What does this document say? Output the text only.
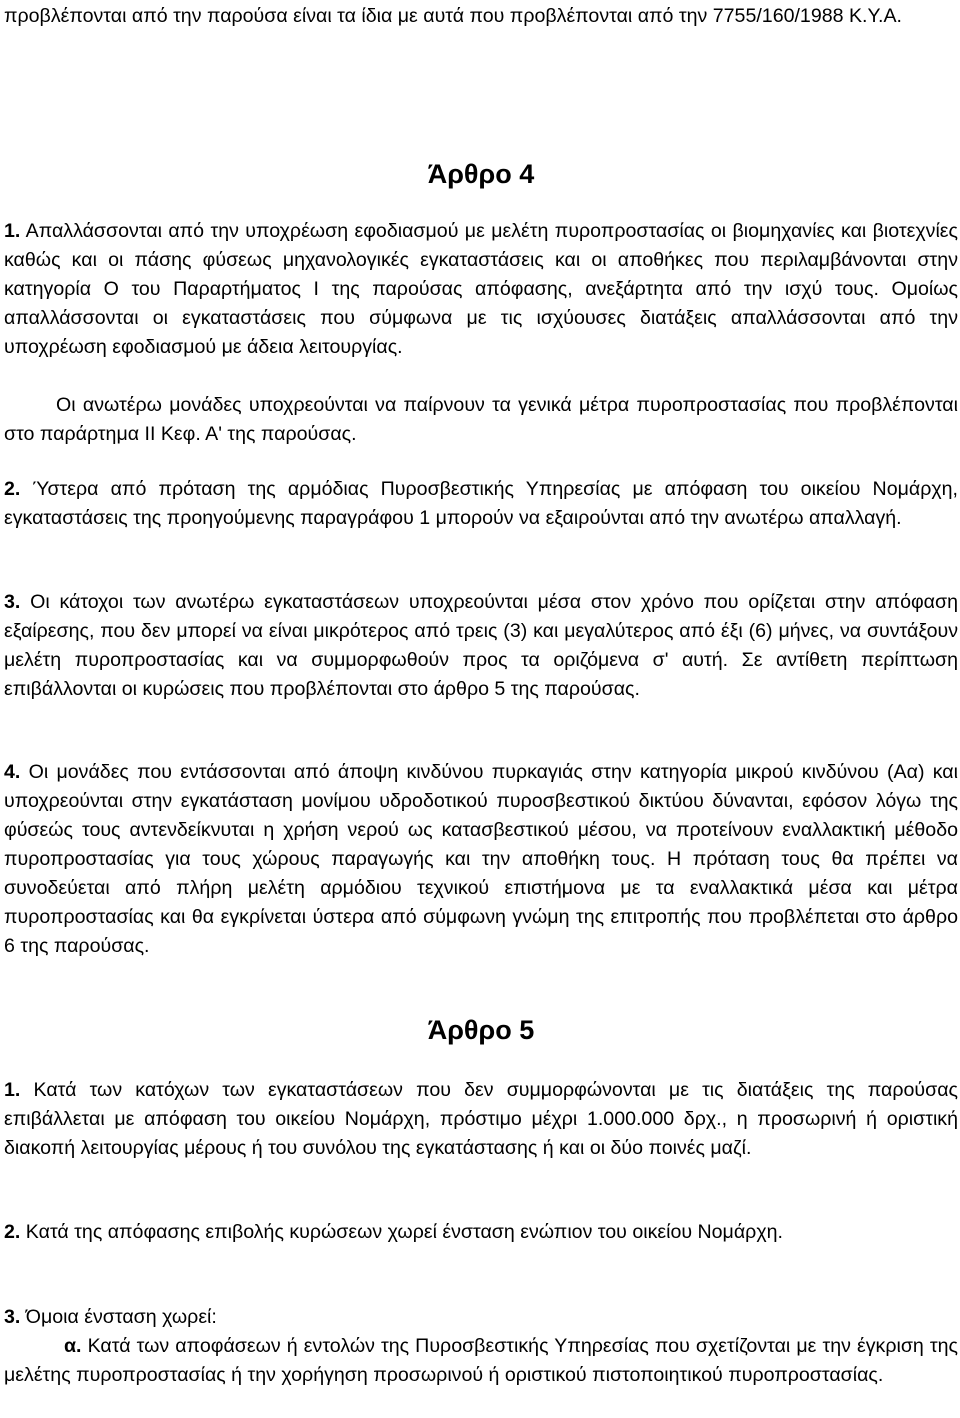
προβλέπονται από την παρούσα είναι τα ίδια με αυτά που προβλέπονται από την 7755/160/1988 Κ.Υ.Α.

Άρθρο 4

1. Απαλλάσσονται από την υποχρέωση εφοδιασμού με μελέτη πυροπροστασίας οι βιομηχανίες και βιοτεχνίες καθώς και οι πάσης φύσεως μηχανολογικές εγκαταστάσεις και οι αποθήκες που περιλαμβάνονται στην κατηγορία Ο του Παραρτήματος Ι της παρούσας απόφασης, ανεξάρτητα από την ισχύ τους. Ομοίως απαλλάσσονται οι εγκαταστάσεις που σύμφωνα με τις ισχύουσες διατάξεις απαλλάσσονται από την υποχρέωση εφοδιασμού με άδεια λειτουργίας.

Οι ανωτέρω μονάδες υποχρεούνται να παίρνουν τα γενικά μέτρα πυροπροστασίας που προβλέπονται στο παράρτημα ΙΙ Κεφ. Α' της παρούσας.

2. Ύστερα από πρόταση της αρμόδιας Πυροσβεστικής Υπηρεσίας με απόφαση του οικείου Νομάρχη, εγκαταστάσεις της προηγούμενης παραγράφου 1 μπορούν να εξαιρούνται από την ανωτέρω απαλλαγή.

3. Οι κάτοχοι των ανωτέρω εγκαταστάσεων υποχρεούνται μέσα στον χρόνο που ορίζεται στην απόφαση εξαίρεσης, που δεν μπορεί να είναι μικρότερος από τρεις (3) και μεγαλύτερος από έξι (6) μήνες, να συντάξουν μελέτη πυροπροστασίας και να συμμορφωθούν προς τα οριζόμενα σ' αυτή. Σε αντίθετη περίπτωση επιβάλλονται οι κυρώσεις που προβλέπονται στο άρθρο 5 της παρούσας.

4. Οι μονάδες που εντάσσονται από άποψη κινδύνου πυρκαγιάς στην κατηγορία μικρού κινδύνου (Αα) και υποχρεούνται στην εγκατάσταση μονίμου υδροδοτικού πυροσβεστικού δικτύου δύνανται, εφόσον λόγω της φύσεώς τους αντενδείκνυται η χρήση νερού ως κατασβεστικού μέσου, να προτείνουν εναλλακτική μέθοδο πυροπροστασίας για τους χώρους παραγωγής και την αποθήκη τους. Η πρόταση τους θα πρέπει να συνοδεύεται από πλήρη μελέτη αρμόδιου τεχνικού επιστήμονα με τα εναλλακτικά μέσα και μέτρα πυροπροστασίας και θα εγκρίνεται ύστερα από σύμφωνη γνώμη της επιτροπής που προβλέπεται στο άρθρο 6 της παρούσας.

Άρθρο 5

1. Κατά των κατόχων των εγκαταστάσεων που δεν συμμορφώνονται με τις διατάξεις της παρούσας επιβάλλεται με απόφαση του οικείου Νομάρχη, πρόστιμο μέχρι 1.000.000 δρχ., η προσωρινή ή οριστική διακοπή λειτουργίας μέρους ή του συνόλου της εγκατάστασης ή και οι δύο ποινές μαζί.

2. Κατά της απόφασης επιβολής κυρώσεων χωρεί ένσταση ενώπιον του οικείου Νομάρχη.

3. Όμοια ένσταση χωρεί:

α. Κατά των αποφάσεων ή εντολών της Πυροσβεστικής Υπηρεσίας που σχετίζονται με την έγκριση της μελέτης πυροπροστασίας ή την χορήγηση προσωρινού ή οριστικού πιστοποιητικού πυροπροστασίας.
